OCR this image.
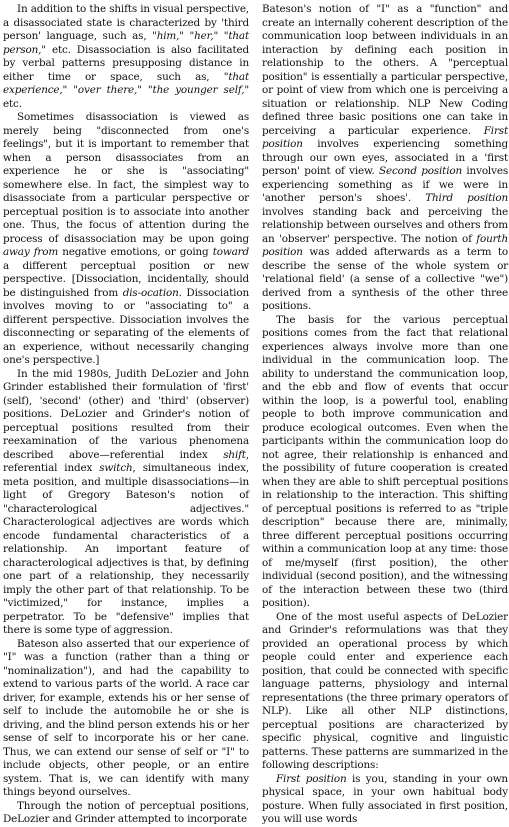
In addition to the shifts in visual perspective, a disassociated state is characterized by 'third person' language, such as, "him," "her," "that person," etc. Disassociation is also facilitated by verbal patterns presupposing distance in either time or space, such as, "that experience," "over there," "the younger self," etc.

Sometimes disassociation is viewed as merely being "disconnected from one's feelings", but it is important to remember that when a person disassociates from an experience he or she is "associating" somewhere else. In fact, the simplest way to disassociate from a particular perspective or perceptual position is to associate into another one. Thus, the focus of attention during the process of disassociation may be upon going away from negative emotions, or going toward a different perceptual position or new perspective. [Dissociation, incidentally, should be distinguished from dis-ocation. Dissociation involves moving to or "associating to" a different perspective. Dissociation involves the disconnecting or separating of the elements of an experience, without necessarily changing one's perspective.]

In the mid 1980s, Judith DeLozier and John Grinder established their formulation of 'first' (self), 'second' (other) and 'third' (observer) positions. DeLozier and Grinder's notion of perceptual positions resulted from their reexamination of the various phenomena described above—referential index shift, referential index switch, simultaneous index, meta position, and multiple disassociations—in light of Gregory Bateson's notion of "characterological adjectives." Characterological adjectives are words which encode fundamental characteristics of a relationship. An important feature of characterological adjectives is that, by defining one part of a relationship, they necessarily imply the other part of that relationship. To be "victimized," for instance, implies a perpetrator. To be "defensive" implies that there is some type of aggression.

Bateson also asserted that our experience of "I" was a function (rather than a thing or "nominalization"), and had the capability to extend to various parts of the world. A race car driver, for example, extends his or her sense of self to include the automobile he or she is driving, and the blind person extends his or her sense of self to incorporate his or her cane. Thus, we can extend our sense of self or "I" to include objects, other people, or an entire system. That is, we can identify with many things beyond ourselves.

Through the notion of perceptual positions, DeLozier and Grinder attempted to incorporate

Bateson's notion of "I" as a "function" and create an internally coherent description of the communication loop between individuals in an interaction by defining each position in relationship to the others. A "perceptual position" is essentially a particular perspective, or point of view from which one is perceiving a situation or relationship. NLP New Coding defined three basic positions one can take in perceiving a particular experience. First position involves experiencing something through our own eyes, associated in a 'first person' point of view. Second position involves experiencing something as if we were in 'another person's shoes'. Third position involves standing back and perceiving the relationship between ourselves and others from an 'observer' perspective. The notion of fourth position was added afterwards as a term to describe the sense of the whole system or 'relational field' (a sense of a collective "we") derived from a synthesis of the other three positions.

The basis for the various perceptual positions comes from the fact that relational experiences always involve more than one individual in the communication loop. The ability to understand the communication loop, and the ebb and flow of events that occur within the loop, is a powerful tool, enabling people to both improve communication and produce ecological outcomes. Even when the participants within the communication loop do not agree, their relationship is enhanced and the possibility of future cooperation is created when they are able to shift perceptual positions in relationship to the interaction. This shifting of perceptual positions is referred to as "triple description" because there are, minimally, three different perceptual positions occurring within a communication loop at any time: those of me/myself (first position), the other individual (second position), and the witnessing of the interaction between these two (third position).

One of the most useful aspects of DeLozier and Grinder's reformulations was that they provided an operational process by which people could enter and experience each position, that could be connected with specific language patterns, physiology and internal representations (the three primary operators of NLP). Like all other NLP distinctions, perceptual positions are characterized by specific physical, cognitive and linguistic patterns. These patterns are summarized in the following descriptions:

First position is you, standing in your own physical space, in your own habitual body posture. When fully associated in first position, you will use words
